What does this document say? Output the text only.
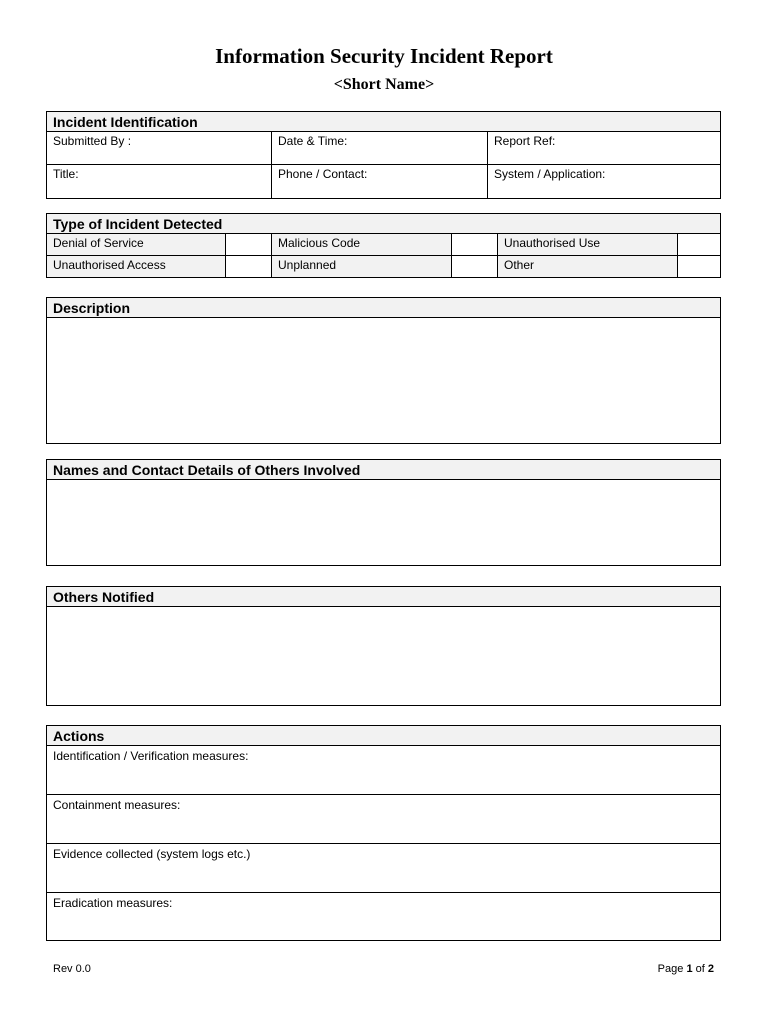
Information Security Incident Report
<Short Name>
Incident Identification
Submitted By :	Date & Time:	Report Ref:
Title:	Phone / Contact:	System / Application:
Type of Incident Detected
Denial of Service	Malicious Code	Unauthorised Use
Unauthorised Access	Unplanned	Other
Description
Names and Contact Details of Others Involved
Others Notified
Actions
Identification / Verification measures:
Containment measures:
Evidence collected (system logs etc.)
Eradication measures:
Rev 0.0	Page 1 of 2
